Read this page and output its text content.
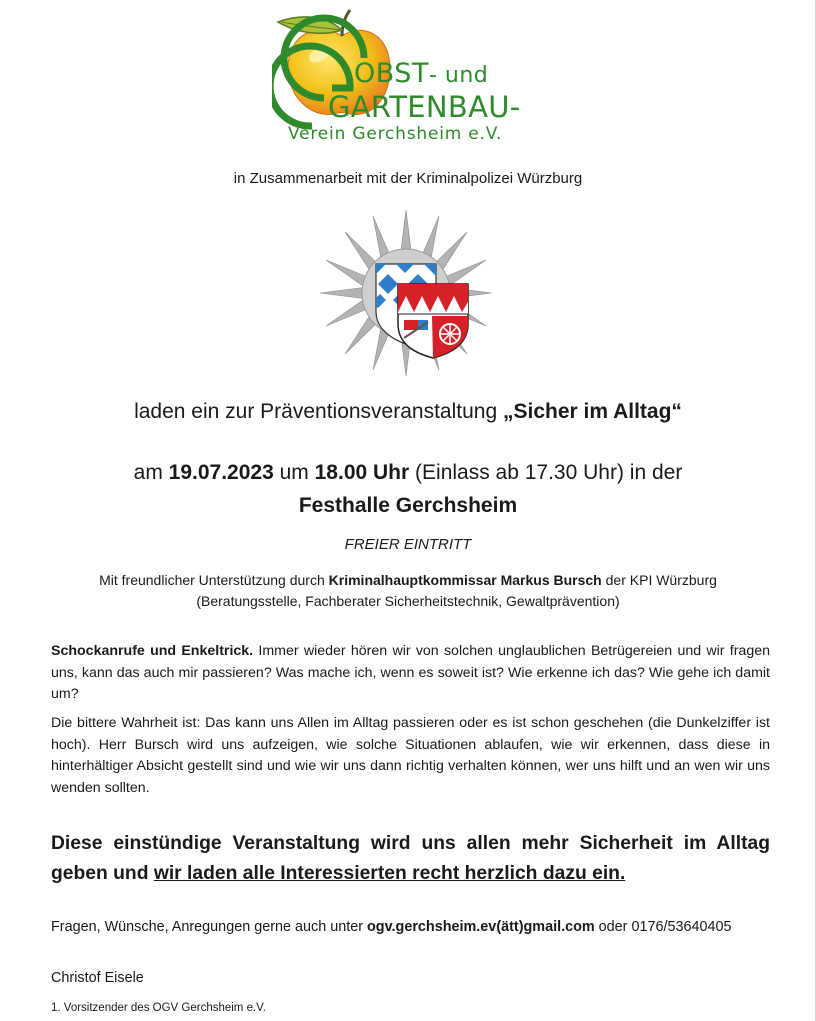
OBST- und
GARTENBAU-
Verein Gerchsheim e.V.
in Zusammenarbeit mit der Kriminalpolizei Würzburg
laden ein zur Präventionsveranstaltung „Sicher im Alltag“
am 19.07.2023 um 18.00 Uhr (Einlass ab 17.30 Uhr) in der
Festhalle Gerchsheim
FREIER EINTRITT
Mit freundlicher Unterstützung durch Kriminalhauptkommissar Markus Bursch der KPI Würzburg
(Beratungsstelle, Fachberater Sicherheitstechnik, Gewaltprävention)
Schockanrufe und Enkeltrick. Immer wieder hören wir von solchen unglaublichen Betrügereien und wir fragen uns, kann das auch mir passieren? Was mache ich, wenn es soweit ist? Wie erkenne ich das? Wie gehe ich damit um?
Die bittere Wahrheit ist: Das kann uns Allen im Alltag passieren oder es ist schon geschehen (die Dunkelziffer ist hoch). Herr Bursch wird uns aufzeigen, wie solche Situationen ablaufen, wie wir erkennen, dass diese in hinterhältiger Absicht gestellt sind und wie wir uns dann richtig verhalten können, wer uns hilft und an wen wir uns wenden sollten.
Diese einstündige Veranstaltung wird uns allen mehr Sicherheit im Alltag geben und wir laden alle Interessierten recht herzlich dazu ein.
Fragen, Wünsche, Anregungen gerne auch unter ogv.gerchsheim.ev(ätt)gmail.com oder 0176/53640405
Christof Eisele
1. Vorsitzender des OGV Gerchsheim e.V.
